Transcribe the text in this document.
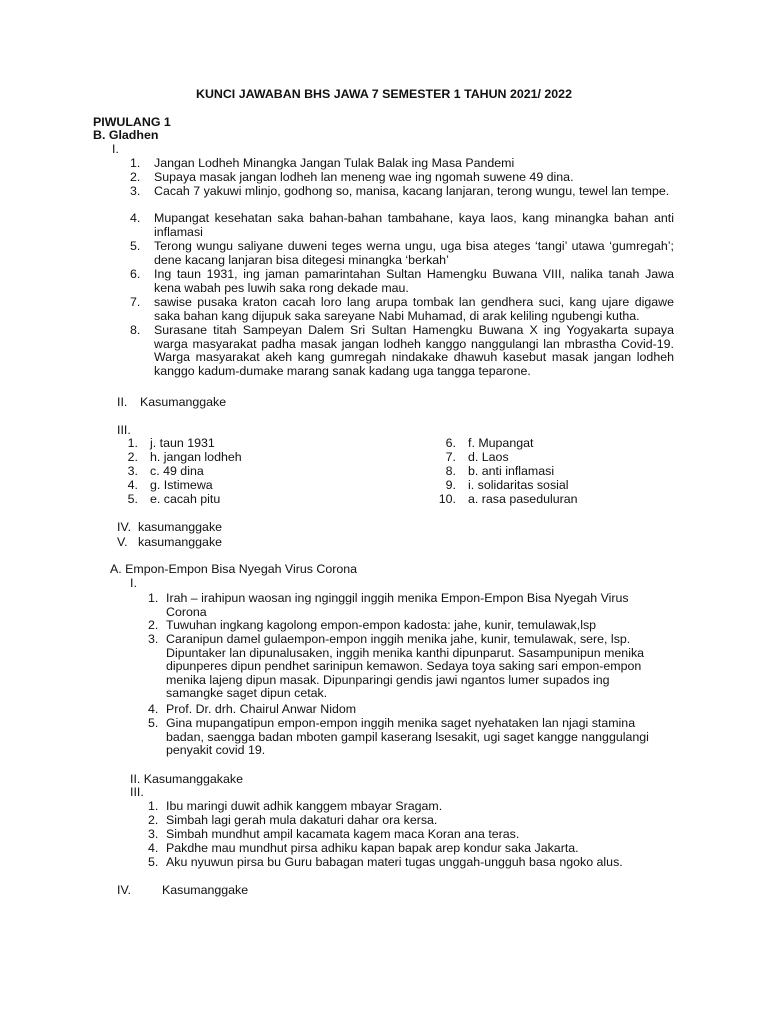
KUNCI JAWABAN BHS JAWA 7 SEMESTER 1 TAHUN 2021/ 2022
PIWULANG 1
B. Gladhen
I.
1.	Jangan Lodheh Minangka Jangan Tulak Balak ing Masa Pandemi
2.	Supaya masak jangan lodheh lan meneng wae ing ngomah suwene 49 dina.
3.	Cacah 7 yakuwi mlinjo, godhong so, manisa, kacang lanjaran, terong wungu, tewel lan tempe.
4.	Mupangat kesehatan saka bahan-bahan tambahane, kaya laos, kang minangka bahan anti inflamasi
5.	Terong wungu saliyane duweni teges werna ungu, uga bisa ateges ‘tangi’ utawa ‘gumregah’; dene kacang lanjaran bisa ditegesi minangka ‘berkah’
6.	Ing taun 1931, ing jaman pamarintahan Sultan Hamengku Buwana VIII, nalika tanah Jawa kena wabah pes luwih saka rong dekade mau.
7.	sawise pusaka kraton cacah loro lang arupa tombak lan gendhera suci, kang ujare digawe saka bahan kang dijupuk saka sareyane Nabi Muhamad, di arak keliling ngubengi kutha.
8.	Surasane titah Sampeyan Dalem Sri Sultan Hamengku Buwana X ing Yogyakarta supaya warga masyarakat padha masak jangan lodheh kanggo nanggulangi lan mbrastha Covid-19. Warga masyarakat akeh kang gumregah nindakake dhawuh kasebut masak jangan lodheh kanggo kadum-dumake marang sanak kadang uga tangga teparone.
II. Kasumanggake
III.
1. j. taun 1931
2. h. jangan lodheh
3. c. 49 dina
4. g. Istimewa
5. e. cacah pitu
6. f. Mupangat
7. d. Laos
8. b. anti inflamasi
9. i. solidaritas sosial
10. a. rasa paseduluran
IV. kasumanggake
V. kasumanggake
A. Empon-Empon Bisa Nyegah Virus Corona
I.
1. Irah – irahipun waosan ing nginggil inggih menika Empon-Empon Bisa Nyegah Virus Corona
2. Tuwuhan ingkang kagolong empon-empon kadosta: jahe, kunir, temulawak,lsp
3. Caranipun damel gulaempon-empon inggih menika jahe, kunir, temulawak, sere, lsp. Dipuntaker lan dipunalusaken, inggih menika kanthi dipunparut. Sasampunipun menika dipunperes dipun pendhet sarinipun kemawon. Sedaya toya saking sari empon-empon menika lajeng dipun masak. Dipunparingi gendis jawi ngantos lumer supados ing samangke saget dipun cetak.
4. Prof. Dr. drh. Chairul Anwar Nidom
5. Gina mupangatipun empon-empon inggih menika saget nyehataken lan njagi stamina badan, saengga badan mboten gampil kaserang lsesakit, ugi saget kangge nanggulangi penyakit covid 19.
II. Kasumanggakake
III.
1. Ibu maringi duwit adhik kanggem mbayar Sragam.
2. Simbah lagi gerah mula dakaturi dahar ora kersa.
3. Simbah mundhut ampil kacamata kagem maca Koran ana teras.
4. Pakdhe mau mundhut pirsa adhiku kapan bapak arep kondur saka Jakarta.
5. Aku nyuwun pirsa bu Guru babagan materi tugas unggah-ungguh basa ngoko alus.
IV. Kasumanggake
